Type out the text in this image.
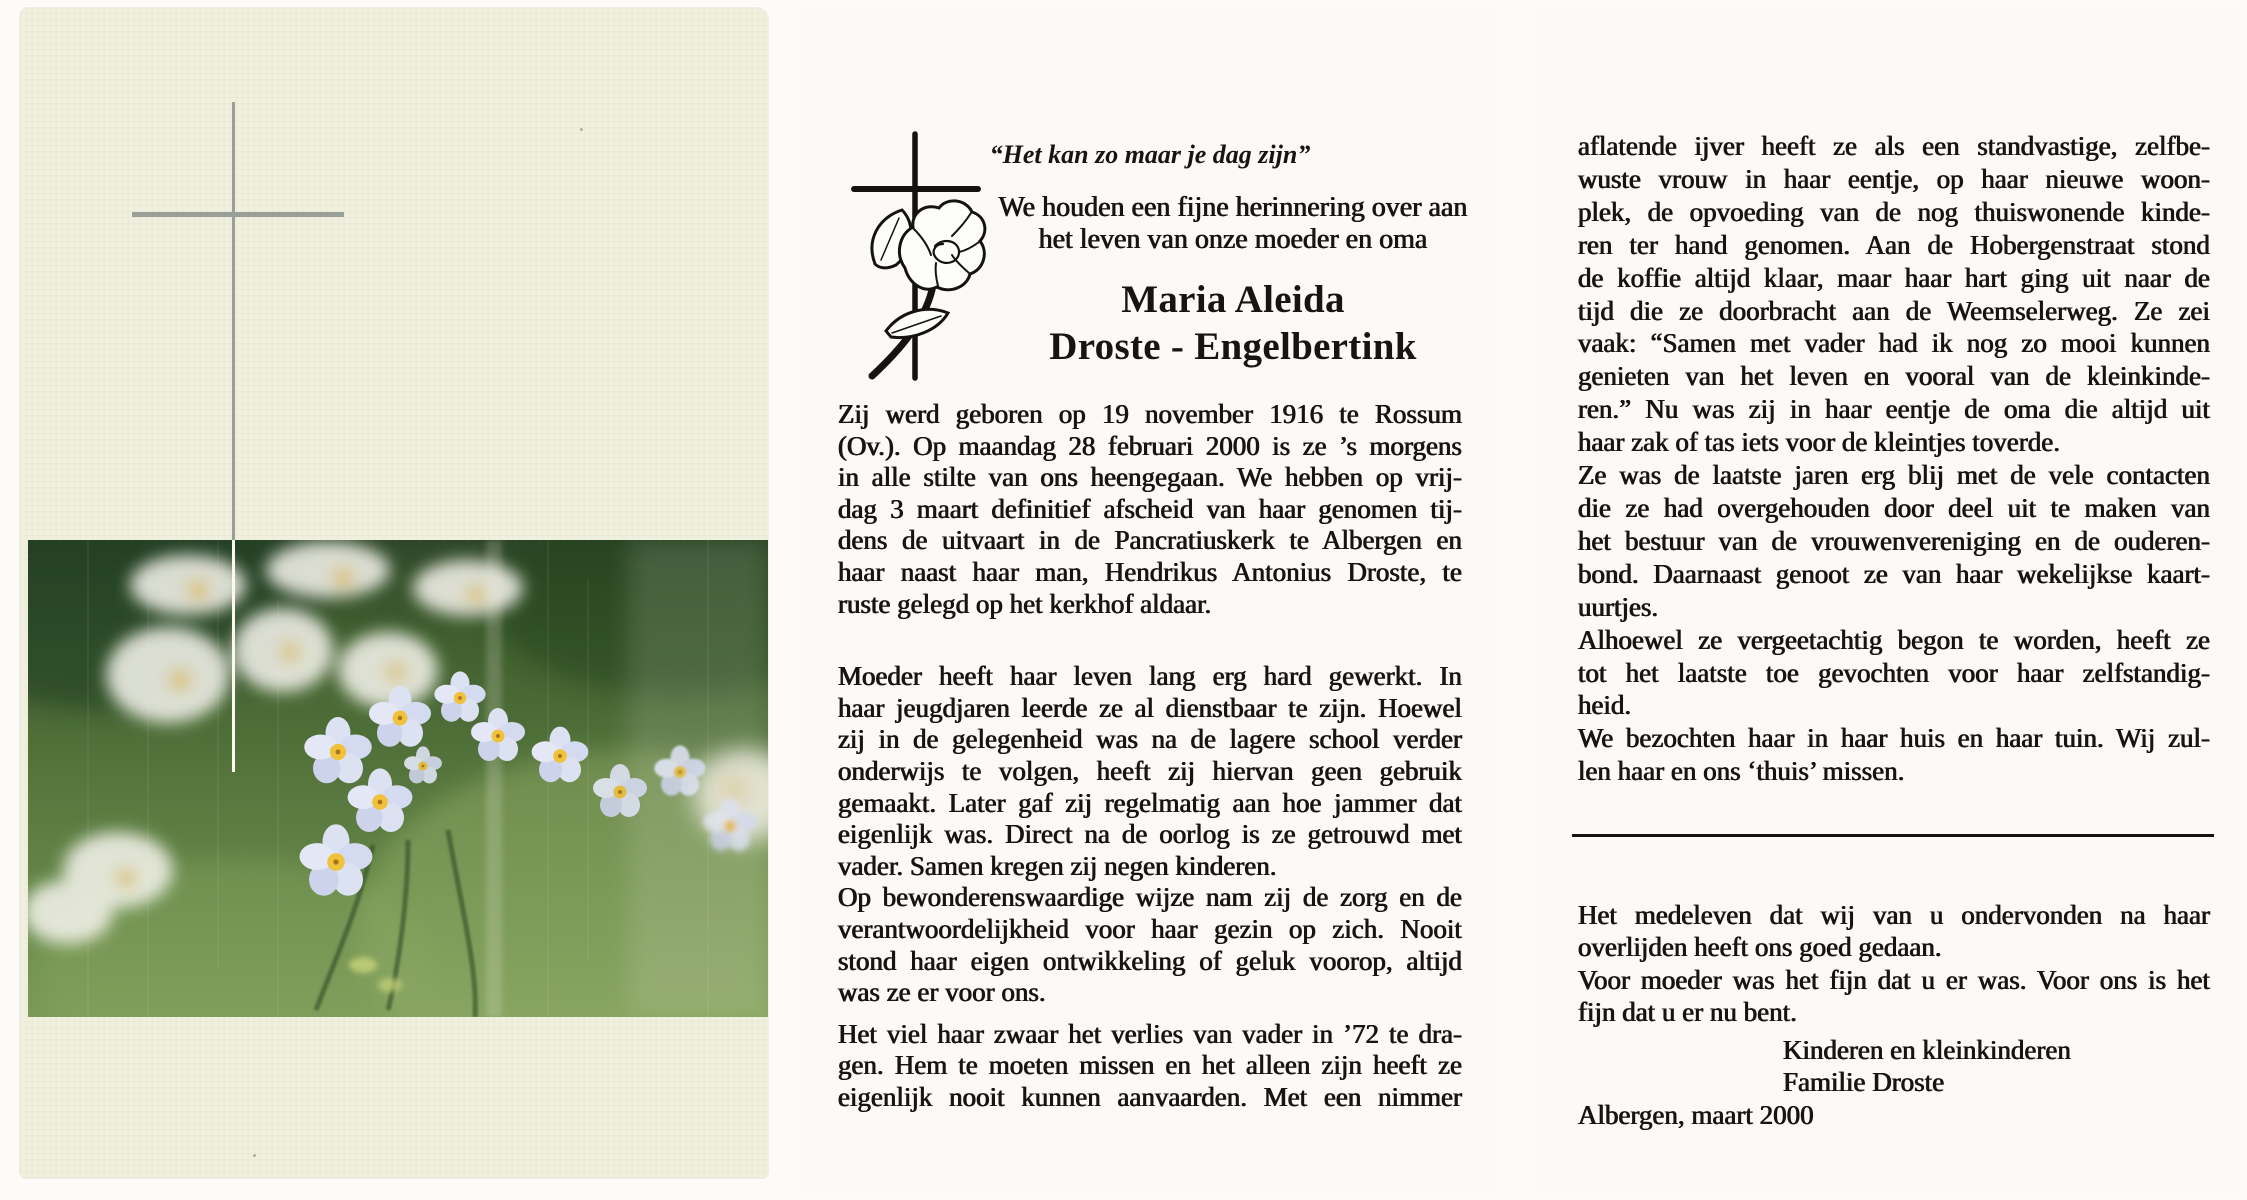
“Het kan zo maar je dag zijn”
We houden een fijne herinnering over aan
het leven van onze moeder en oma
Maria Aleida
Droste - Engelbertink
Zij werd geboren op 19 november 1916 te Rossum
(Ov.). Op maandag 28 februari 2000 is ze ’s morgens
in alle stilte van ons heengegaan. We hebben op vrij-
dag 3 maart definitief afscheid van haar genomen tij-
dens de uitvaart in de Pancratiuskerk te Albergen en
haar naast haar man, Hendrikus Antonius Droste, te
ruste gelegd op het kerkhof aldaar.
Moeder heeft haar leven lang erg hard gewerkt. In
haar jeugdjaren leerde ze al dienstbaar te zijn. Hoewel
zij in de gelegenheid was na de lagere school verder
onderwijs te volgen, heeft zij hiervan geen gebruik
gemaakt. Later gaf zij regelmatig aan hoe jammer dat
eigenlijk was. Direct na de oorlog is ze getrouwd met
vader. Samen kregen zij negen kinderen.
Op bewonderenswaardige wijze nam zij de zorg en de
verantwoordelijkheid voor haar gezin op zich. Nooit
stond haar eigen ontwikkeling of geluk voorop, altijd
was ze er voor ons.
Het viel haar zwaar het verlies van vader in ’72 te dra-
gen. Hem te moeten missen en het alleen zijn heeft ze
eigenlijk nooit kunnen aanvaarden. Met een nimmer
aflatende ijver heeft ze als een standvastige, zelfbe-
wuste vrouw in haar eentje, op haar nieuwe woon-
plek, de opvoeding van de nog thuiswonende kinde-
ren ter hand genomen. Aan de Hobergenstraat stond
de koffie altijd klaar, maar haar hart ging uit naar de
tijd die ze doorbracht aan de Weemselerweg. Ze zei
vaak: “Samen met vader had ik nog zo mooi kunnen
genieten van het leven en vooral van de kleinkinde-
ren.” Nu was zij in haar eentje de oma die altijd uit
haar zak of tas iets voor de kleintjes toverde.
Ze was de laatste jaren erg blij met de vele contacten
die ze had overgehouden door deel uit te maken van
het bestuur van de vrouwenvereniging en de ouderen-
bond. Daarnaast genoot ze van haar wekelijkse kaart-
uurtjes.
Alhoewel ze vergeetachtig begon te worden, heeft ze
tot het laatste toe gevochten voor haar zelfstandig-
heid.
We bezochten haar in haar huis en haar tuin. Wij zul-
len haar en ons ‘thuis’ missen.
Het medeleven dat wij van u ondervonden na haar
overlijden heeft ons goed gedaan.
Voor moeder was het fijn dat u er was. Voor ons is het
fijn dat u er nu bent.
Kinderen en kleinkinderen
Familie Droste
Albergen, maart 2000
